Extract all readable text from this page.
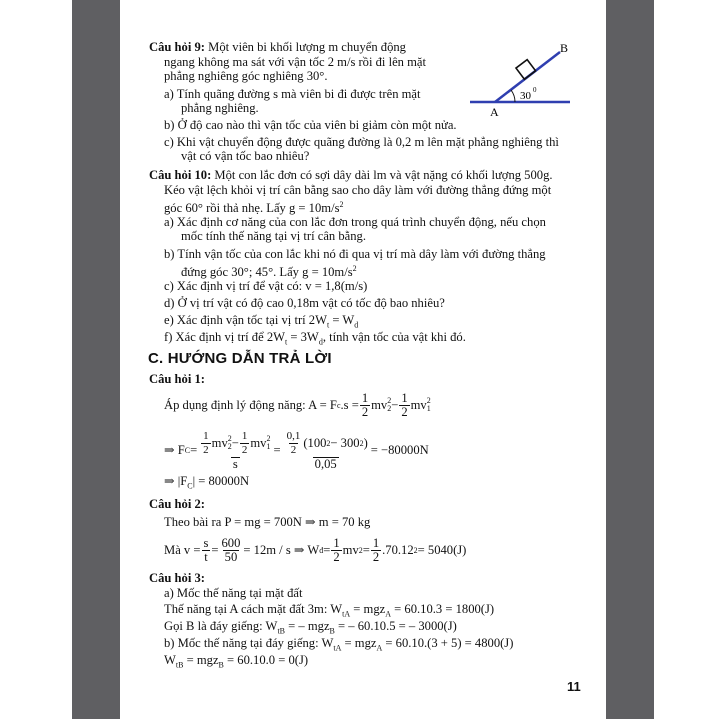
Câu hỏi 9: Một viên bi khối lượng m chuyển động
ngang không ma sát với vận tốc 2 m/s rồi đi lên mặt
phẳng nghiêng góc nghiêng 30°.
a) Tính quãng đường s mà viên bi đi được trên mặt
phẳng nghiêng.
b) Ở độ cao nào thì vận tốc của viên bi giảm còn một nửa.
c) Khi vật chuyển động được quãng đường là 0,2 m lên mặt phẳng nghiêng thì
vật có vận tốc bao nhiêu?
B
A
30 0
Câu hỏi 10: Một con lắc đơn có sợi dây dài lm và vật nặng có khối lượng 500g.
Kéo vật lệch khỏi vị trí cân bằng sao cho dây làm với đường thẳng đứng một
góc 60° rồi thả nhẹ. Lấy $g = 10m/s^2$
a) Xác định cơ năng của con lắc đơn trong quá trình chuyển động, nếu chọn
mốc tính thế năng tại vị trí cân bằng.
b) Tính vận tốc của con lắc khi nó đi qua vị trí mà dây làm với đường thẳng
đứng góc 30°; 45°. Lấy $g = 10m/s^2$
c) Xác định vị trí để vật có: v = 1,8(m/s)
d) Ở vị trí vật có độ cao 0,18m vật có tốc độ bao nhiêu?
e) Xác định vận tốc tại vị trí $2W_t = W_d$
f) Xác định vị trí để $2W_t = 3W_d$, tính vận tốc của vật khi đó.
C. HƯỚNG DẪN TRẢ LỜI
Câu hỏi 1:
Áp dụng định lý động năng: A = F c $.s = \frac{1}{2}$ mv 2
$2 - \frac{1}{2}$ mv 2
1
⇒ F $C = \frac{1}{2}$ mv 2
$2 - \frac{1}{2}$ mv 2
1
$s = \frac{\frac{0,1}{2} (100 2 - 300 2 )}{0,05} = -80000N$
⇒ $|F_C| = 80000N$
Câu hỏi 2:
Theo bài ra P = mg = 700N ⇒ m = 70 kg
Mà $v = \frac{s}{t} = \frac{600}{50} = 12m / s$ ⇒ W đ = $\frac{1}{2}$ mv $2 = \frac{1}{2} .70.12$ 2 = 5040(J)
Câu hỏi 3:
a) Mốc thế năng tại mặt đất
Thế năng tại A cách mặt đất 3m: $W_{tA} = mgz_A = 60.10.3 = 1800(J)$
Gọi B là đáy giếng: $W_{tB}$ = – mgz$_B$ = – 60.10.5 = – 3000(J)
b) Mốc thế năng tại đáy giếng: $W_{tA} = mgz_A = 60.10.(3 + 5) = 4800(J)$
$W_{tB} = mgz_B = 60.10.0 = 0(J)$
11
